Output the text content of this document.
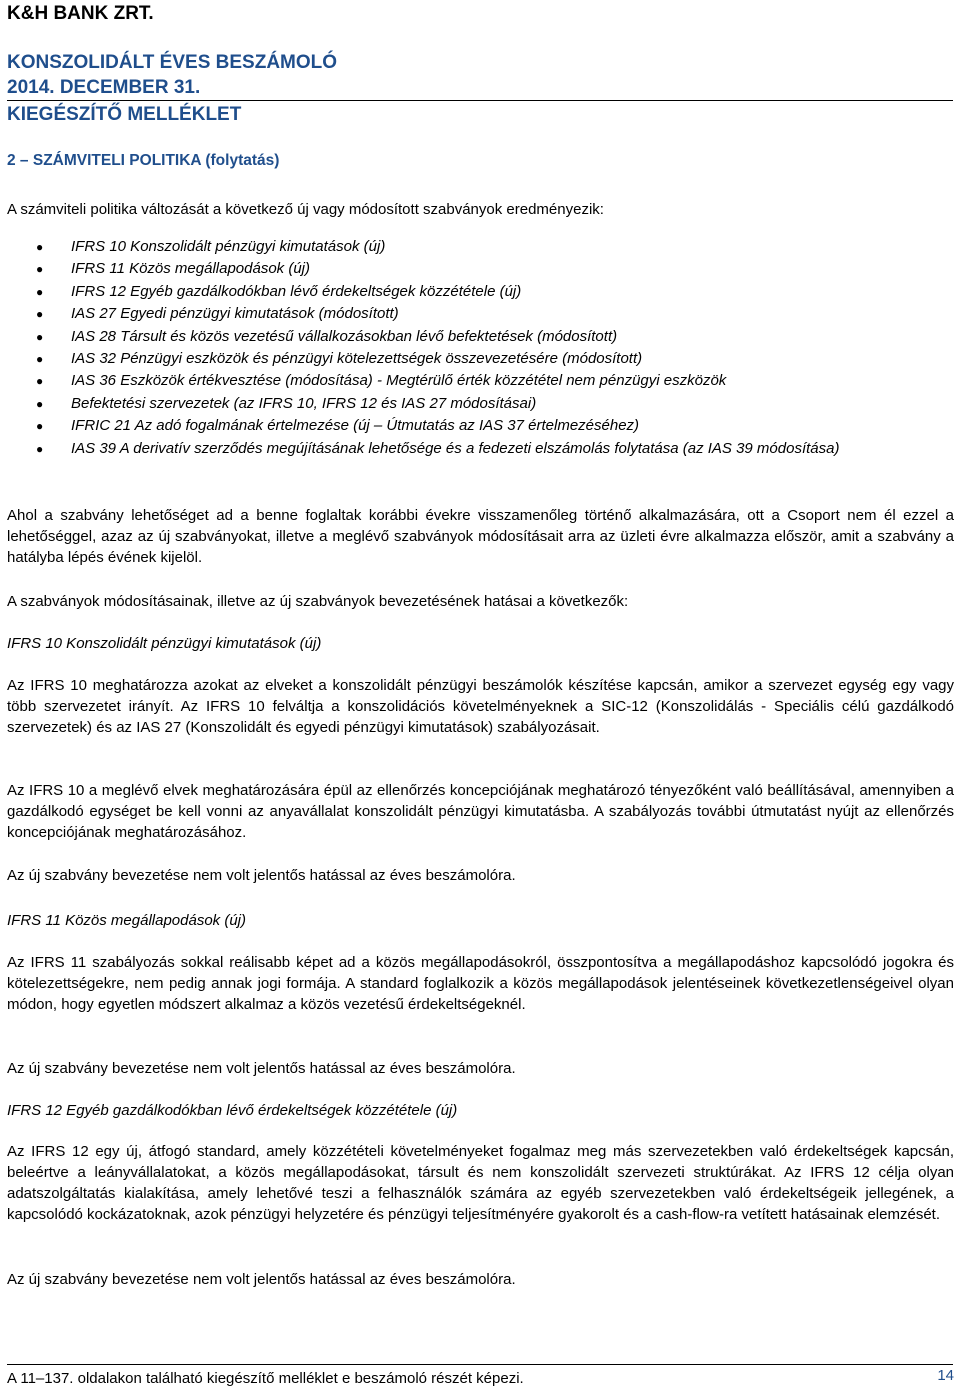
K&H BANK ZRT.

KONSZOLIDÁLT ÉVES BESZÁMOLÓ

2014. DECEMBER 31.

KIEGÉSZÍTŐ MELLÉKLET

2 – SZÁMVITELI POLITIKA (folytatás)

A számviteli politika változását a következő új vagy módosított szabványok eredményezik:

● IFRS 10 Konszolidált pénzügyi kimutatások (új)
● IFRS 11 Közös megállapodások (új)
● IFRS 12 Egyéb gazdálkodókban lévő érdekeltségek közzététele (új)
● IAS 27 Egyedi pénzügyi kimutatások (módosított)
● IAS 28 Társult és közös vezetésű vállalkozásokban lévő befektetések (módosított)
● IAS 32 Pénzügyi eszközök és pénzügyi kötelezettségek összevezetésére (módosított)
● IAS 36 Eszközök értékvesztése (módosítása) - Megtérülő érték közzététel nem pénzügyi eszközök
● Befektetési szervezetek (az IFRS 10, IFRS 12 és IAS 27 módosításai)
● IFRIC 21 Az adó fogalmának értelmezése (új – Útmutatás az IAS 37 értelmezéséhez)
● IAS 39 A derivatív szerződés megújításának lehetősége és a fedezeti elszámolás folytatása (az IAS 39 módosítása)

Ahol a szabvány lehetőséget ad a benne foglaltak korábbi évekre visszamenőleg történő alkalmazására, ott a Csoport nem él ezzel a lehetőséggel, azaz az új szabványokat, illetve a meglévő szabványok módosításait arra az üzleti évre alkalmazza először, amit a szabvány a hatályba lépés évének kijelöl.

A szabványok módosításainak, illetve az új szabványok bevezetésének hatásai a következők:

IFRS 10 Konszolidált pénzügyi kimutatások (új)

Az IFRS 10 meghatározza azokat az elveket a konszolidált pénzügyi beszámolók készítése kapcsán, amikor a szervezet egység egy vagy több szervezetet irányít. Az IFRS 10 felváltja a konszolidációs követelményeknek a SIC-12 (Konszolidálás - Speciális célú gazdálkodó szervezetek) és az IAS 27 (Konszolidált és egyedi pénzügyi kimutatások) szabályozásait.

Az IFRS 10 a meglévő elvek meghatározására épül az ellenőrzés koncepciójának meghatározó tényezőként való beállításával, amennyiben a gazdálkodó egységet be kell vonni az anyavállalat konszolidált pénzügyi kimutatásba. A szabályozás további útmutatást nyújt az ellenőrzés koncepciójának meghatározásához.

Az új szabvány bevezetése nem volt jelentős hatással az éves beszámolóra.

IFRS 11 Közös megállapodások (új)

Az IFRS 11 szabályozás sokkal reálisabb képet ad a közös megállapodásokról, összpontosítva a megállapodáshoz kapcsolódó jogokra és kötelezettségekre, nem pedig annak jogi formája. A standard foglalkozik a közös megállapodások jelentéseinek következetlenségeivel olyan módon, hogy egyetlen módszert alkalmaz a közös vezetésű érdekeltségeknél.

Az új szabvány bevezetése nem volt jelentős hatással az éves beszámolóra.

IFRS 12 Egyéb gazdálkodókban lévő érdekeltségek közzététele (új)

Az IFRS 12 egy új, átfogó standard, amely közzétételi követelményeket fogalmaz meg más szervezetekben való érdekeltségek kapcsán, beleértve a leányvállalatokat, a közös megállapodásokat, társult és nem konszolidált szervezeti struktúrákat. Az IFRS 12 célja olyan adatszolgáltatás kialakítása, amely lehetővé teszi a felhasználók számára az egyéb szervezetekben való érdekeltségeik jellegének, a kapcsolódó kockázatoknak, azok pénzügyi helyzetére és pénzügyi teljesítményére gyakorolt és a cash-flow-ra vetített hatásainak elemzését.

Az új szabvány bevezetése nem volt jelentős hatással az éves beszámolóra.

A 11–137. oldalakon található kiegészítő melléklet e beszámoló részét képezi.	14
